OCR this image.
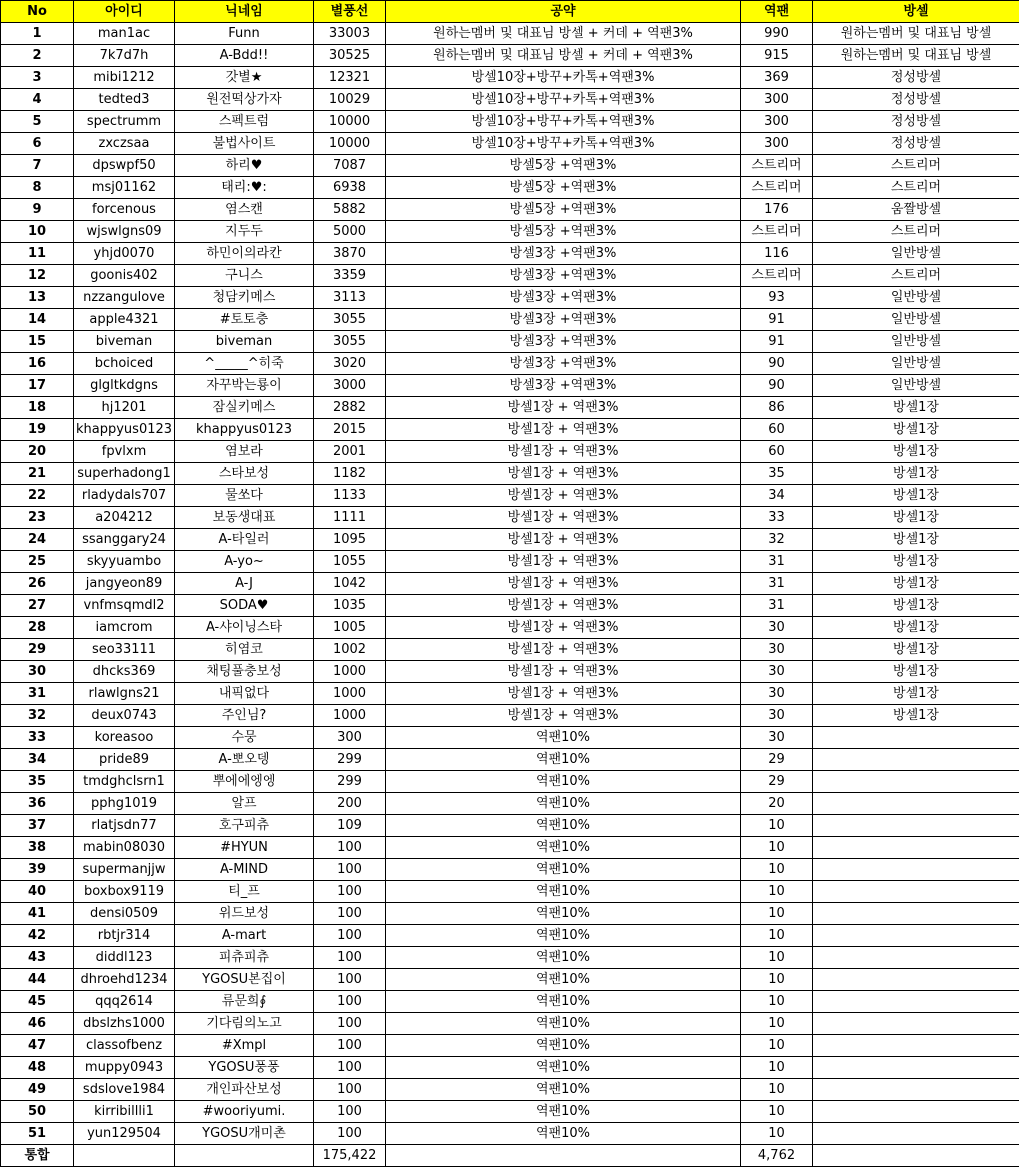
No	아이디	닉네임	별풍선	공약	역팬	방셀
1	man1ac	Funn	33003	원하는멤버 및 대표님 방셀 + 커데 + 역팬3%	990	원하는멤버 및 대표님 방셀
2	7k7d7h	A-Bdd!!	30525	원하는멤버 및 대표님 방셀 + 커데 + 역팬3%	915	원하는멤버 및 대표님 방셀
3	mibi1212	갓별★	12321	방셀10장+방꾸+카톡+역팬3%	369	정성방셀
4	tedted3	원전떡상가자	10029	방셀10장+방꾸+카톡+역팬3%	300	정성방셀
5	spectrumm	스펙트럼	10000	방셀10장+방꾸+카톡+역팬3%	300	정성방셀
6	zxczsaa	불법사이트	10000	방셀10장+방꾸+카톡+역팬3%	300	정성방셀
7	dpswpf50	하리♥	7087	방셀5장 +역팬3%	스트리머	스트리머
8	msj01162	태리:♥:	6938	방셀5장 +역팬3%	스트리머	스트리머
9	forcenous	염스캔	5882	방셀5장 +역팬3%	176	움짤방셀
10	wjswlgns09	지두두	5000	방셀5장 +역팬3%	스트리머	스트리머
11	yhjd0070	하민이의라칸	3870	방셀3장 +역팬3%	116	일반방셀
12	goonis402	구니스	3359	방셀3장 +역팬3%	스트리머	스트리머
13	nzzangulove	청담키메스	3113	방셀3장 +역팬3%	93	일반방셀
14	apple4321	#토토충	3055	방셀3장 +역팬3%	91	일반방셀
15	biveman	biveman	3055	방셀3장 +역팬3%	91	일반방셀
16	bchoiced	^_____^히죽	3020	방셀3장 +역팬3%	90	일반방셀
17	glgltkdgns	자꾸박는룡이	3000	방셀3장 +역팬3%	90	일반방셀
18	hj1201	잠실키메스	2882	방셀1장 + 역팬3%	86	방셀1장
19	khappyus0123	khappyus0123	2015	방셀1장 + 역팬3%	60	방셀1장
20	fpvlxm	염보라	2001	방셀1장 + 역팬3%	60	방셀1장
21	superhadong1	스타보성	1182	방셀1장 + 역팬3%	35	방셀1장
22	rladydals707	물쏘다	1133	방셀1장 + 역팬3%	34	방셀1장
23	a204212	보동생대표	1111	방셀1장 + 역팬3%	33	방셀1장
24	ssanggary24	A-타일러	1095	방셀1장 + 역팬3%	32	방셀1장
25	skyyuambo	A-yo~	1055	방셀1장 + 역팬3%	31	방셀1장
26	jangyeon89	A-J	1042	방셀1장 + 역팬3%	31	방셀1장
27	vnfmsqmdl2	SODA♥	1035	방셀1장 + 역팬3%	31	방셀1장
28	iamcrom	A-샤이닝스타	1005	방셀1장 + 역팬3%	30	방셀1장
29	seo33111	히염코	1002	방셀1장 + 역팬3%	30	방셀1장
30	dhcks369	채팅풀충보성	1000	방셀1장 + 역팬3%	30	방셀1장
31	rlawlgns21	내픽없다	1000	방셀1장 + 역팬3%	30	방셀1장
32	deux0743	주인님?	1000	방셀1장 + 역팬3%	30	방셀1장
33	koreasoo	수뭉	300	역팬10%	30	
34	pride89	A-뽀오뎅	299	역팬10%	29	
35	tmdghclsrn1	뿌에에엥엥	299	역팬10%	29	
36	pphg1019	알프	200	역팬10%	20	
37	rlatjsdn77	호구피츄	109	역팬10%	10	
38	mabin08030	#HYUN	100	역팬10%	10	
39	supermanjjw	A-MIND	100	역팬10%	10	
40	boxbox9119	티_프	100	역팬10%	10	
41	densi0509	위드보성	100	역팬10%	10	
42	rbtjr314	A-mart	100	역팬10%	10	
43	diddl123	피츄피츄	100	역팬10%	10	
44	dhroehd1234	YGOSU본집이	100	역팬10%	10	
45	qqq2614	류문희∮	100	역팬10%	10	
46	dbslzhs1000	기다림의노고	100	역팬10%	10	
47	classofbenz	#Xmpl	100	역팬10%	10	
48	muppy0943	YGOSU풍풍	100	역팬10%	10	
49	sdslove1984	개인파산보성	100	역팬10%	10	
50	kirribillli1	#wooriyumi.	100	역팬10%	10	
51	yun129504	YGOSU개미촌	100	역팬10%	10	
통합			175,422		4,762	
